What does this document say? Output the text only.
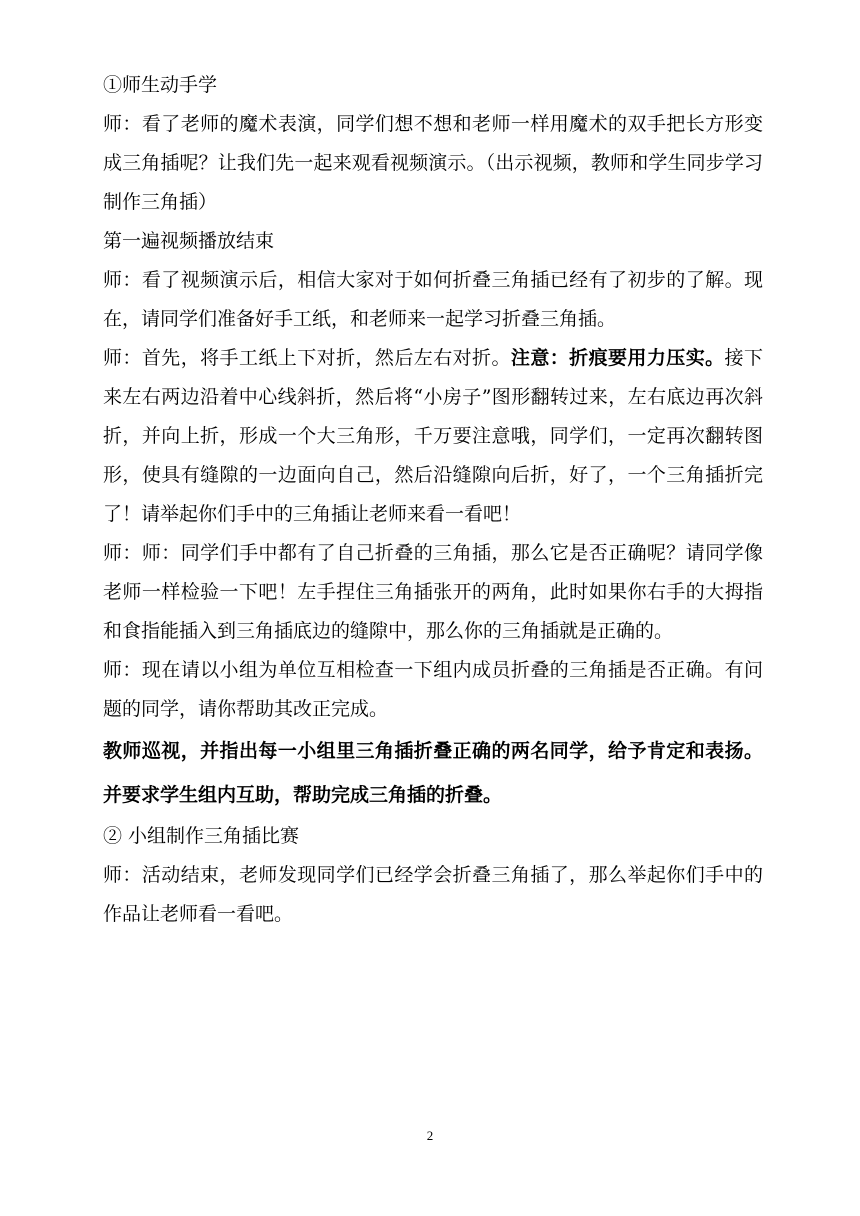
①师生动手学

师：看了老师的魔术表演，同学们想不想和老师一样用魔术的双手把长方形变成三角插呢？让我们先一起来观看视频演示。（出示视频，教师和学生同步学习制作三角插）

第一遍视频播放结束

师：看了视频演示后，相信大家对于如何折叠三角插已经有了初步的了解。现在，请同学们准备好手工纸，和老师来一起学习折叠三角插。

师：首先，将手工纸上下对折，然后左右对折。注意：折痕要用力压实。接下来左右两边沿着中心线斜折，然后将“小房子”图形翻转过来，左右底边再次斜折，并向上折，形成一个大三角形，千万要注意哦，同学们，一定再次翻转图形，使具有缝隙的一边面向自己，然后沿缝隙向后折，好了，一个三角插折完了！请举起你们手中的三角插让老师来看一看吧！

师：师：同学们手中都有了自己折叠的三角插，那么它是否正确呢？请同学像老师一样检验一下吧！左手捏住三角插张开的两角，此时如果你右手的大拇指和食指能插入到三角插底边的缝隙中，那么你的三角插就是正确的。

师：现在请以小组为单位互相检查一下组内成员折叠的三角插是否正确。有问题的同学，请你帮助其改正完成。

教师巡视，并指出每一小组里三角插折叠正确的两名同学，给予肯定和表扬。并要求学生组内互助，帮助完成三角插的折叠。

② 小组制作三角插比赛

师：活动结束，老师发现同学们已经学会折叠三角插了，那么举起你们手中的作品让老师看一看吧。

2
